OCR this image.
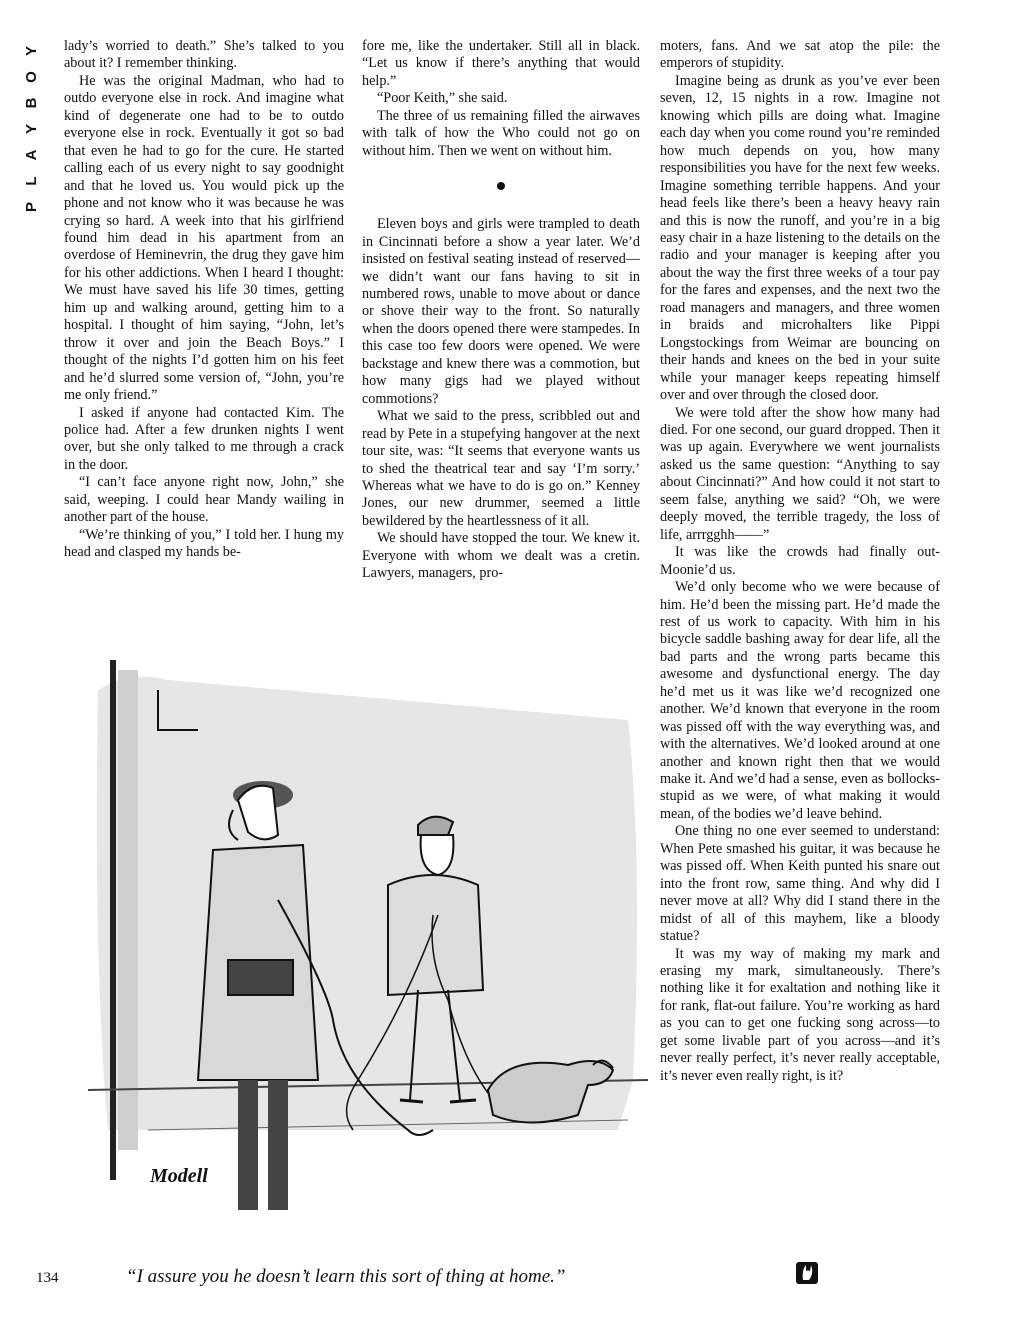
Y
O
B
Y
A
L
P

lady’s worried to death.” She’s talked to you about it? I remember thinking.

He was the original Madman, who had to outdo everyone else in rock. And imagine what kind of degenerate one had to be to outdo everyone else in rock. Eventually it got so bad that even he had to go for the cure. He started calling each of us every night to say goodnight and that he loved us. You would pick up the phone and not know who it was because he was crying so hard. A week into that his girlfriend found him dead in his apartment from an overdose of Heminevrin, the drug they gave him for his other addictions. When I heard I thought: We must have saved his life 30 times, getting him up and walking around, getting him to a hospital. I thought of him saying, “John, let’s throw it over and join the Beach Boys.” I thought of the nights I’d gotten him on his feet and he’d slurred some version of, “John, you’re me only friend.”

I asked if anyone had contacted Kim. The police had. After a few drunken nights I went over, but she only talked to me through a crack in the door.

“I can’t face anyone right now, John,” she said, weeping. I could hear Mandy wailing in another part of the house.

“We’re thinking of you,” I told her. I hung my head and clasped my hands be-

fore me, like the undertaker. Still all in black. “Let us know if there’s anything that would help.”

“Poor Keith,” she said.

The three of us remaining filled the airwaves with talk of how the Who could not go on without him. Then we went on without him.

Eleven boys and girls were trampled to death in Cincinnati before a show a year later. We’d insisted on festival seating instead of reserved—we didn’t want our fans having to sit in numbered rows, unable to move about or dance or shove their way to the front. So naturally when the doors opened there were stampedes. In this case too few doors were opened. We were backstage and knew there was a commotion, but how many gigs had we played without commotions?

What we said to the press, scribbled out and read by Pete in a stupefying hangover at the next tour site, was: “It seems that everyone wants us to shed the theatrical tear and say ‘I’m sorry.’ Whereas what we have to do is go on.” Kenney Jones, our new drummer, seemed a little bewildered by the heartlessness of it all.

We should have stopped the tour. We knew it. Everyone with whom we dealt was a cretin. Lawyers, managers, pro-

moters, fans. And we sat atop the pile: the emperors of stupidity.

Imagine being as drunk as you’ve ever been seven, 12, 15 nights in a row. Imagine not knowing which pills are doing what. Imagine each day when you come round you’re reminded how much depends on you, how many responsibilities you have for the next few weeks. Imagine something terrible happens. And your head feels like there’s been a heavy heavy rain and this is now the runoff, and you’re in a big easy chair in a haze listening to the details on the radio and your manager is keeping after you about the way the first three weeks of a tour pay for the fares and expenses, and the next two the road managers and managers, and three women in braids and microhalters like Pippi Longstockings from Weimar are bouncing on their hands and knees on the bed in your suite while your manager keeps repeating himself over and over through the closed door.

We were told after the show how many had died. For one second, our guard dropped. Then it was up again. Everywhere we went journalists asked us the same question: “Anything to say about Cincinnati?” And how could it not start to seem false, anything we said? “Oh, we were deeply moved, the terrible tragedy, the loss of life, arrrgghh——”

It was like the crowds had finally out-Moonie’d us.

We’d only become who we were because of him. He’d been the missing part. He’d made the rest of us work to capacity. With him in his bicycle saddle bashing away for dear life, all the bad parts and the wrong parts became this awesome and dysfunctional energy. The day he’d met us it was like we’d recognized one another. We’d known that everyone in the room was pissed off with the way everything was, and with the alternatives. We’d looked around at one another and known right then that we would make it. And we’d had a sense, even as bollocks-stupid as we were, of what making it would mean, of the bodies we’d leave behind.

One thing no one ever seemed to understand: When Pete smashed his guitar, it was because he was pissed off. When Keith punted his snare out into the front row, same thing. And why did I never move at all? Why did I stand there in the midst of all of this mayhem, like a bloody statue?

It was my way of making my mark and erasing my mark, simultaneously. There’s nothing like it for exaltation and nothing like it for rank, flat-out failure. You’re working as hard as you can to get one fucking song across—to get some livable part of you across—and it’s never really perfect, it’s never really acceptable, it’s never even really right, is it?

Modell
“I assure you he doesn’t learn this sort of thing at home.”
134
